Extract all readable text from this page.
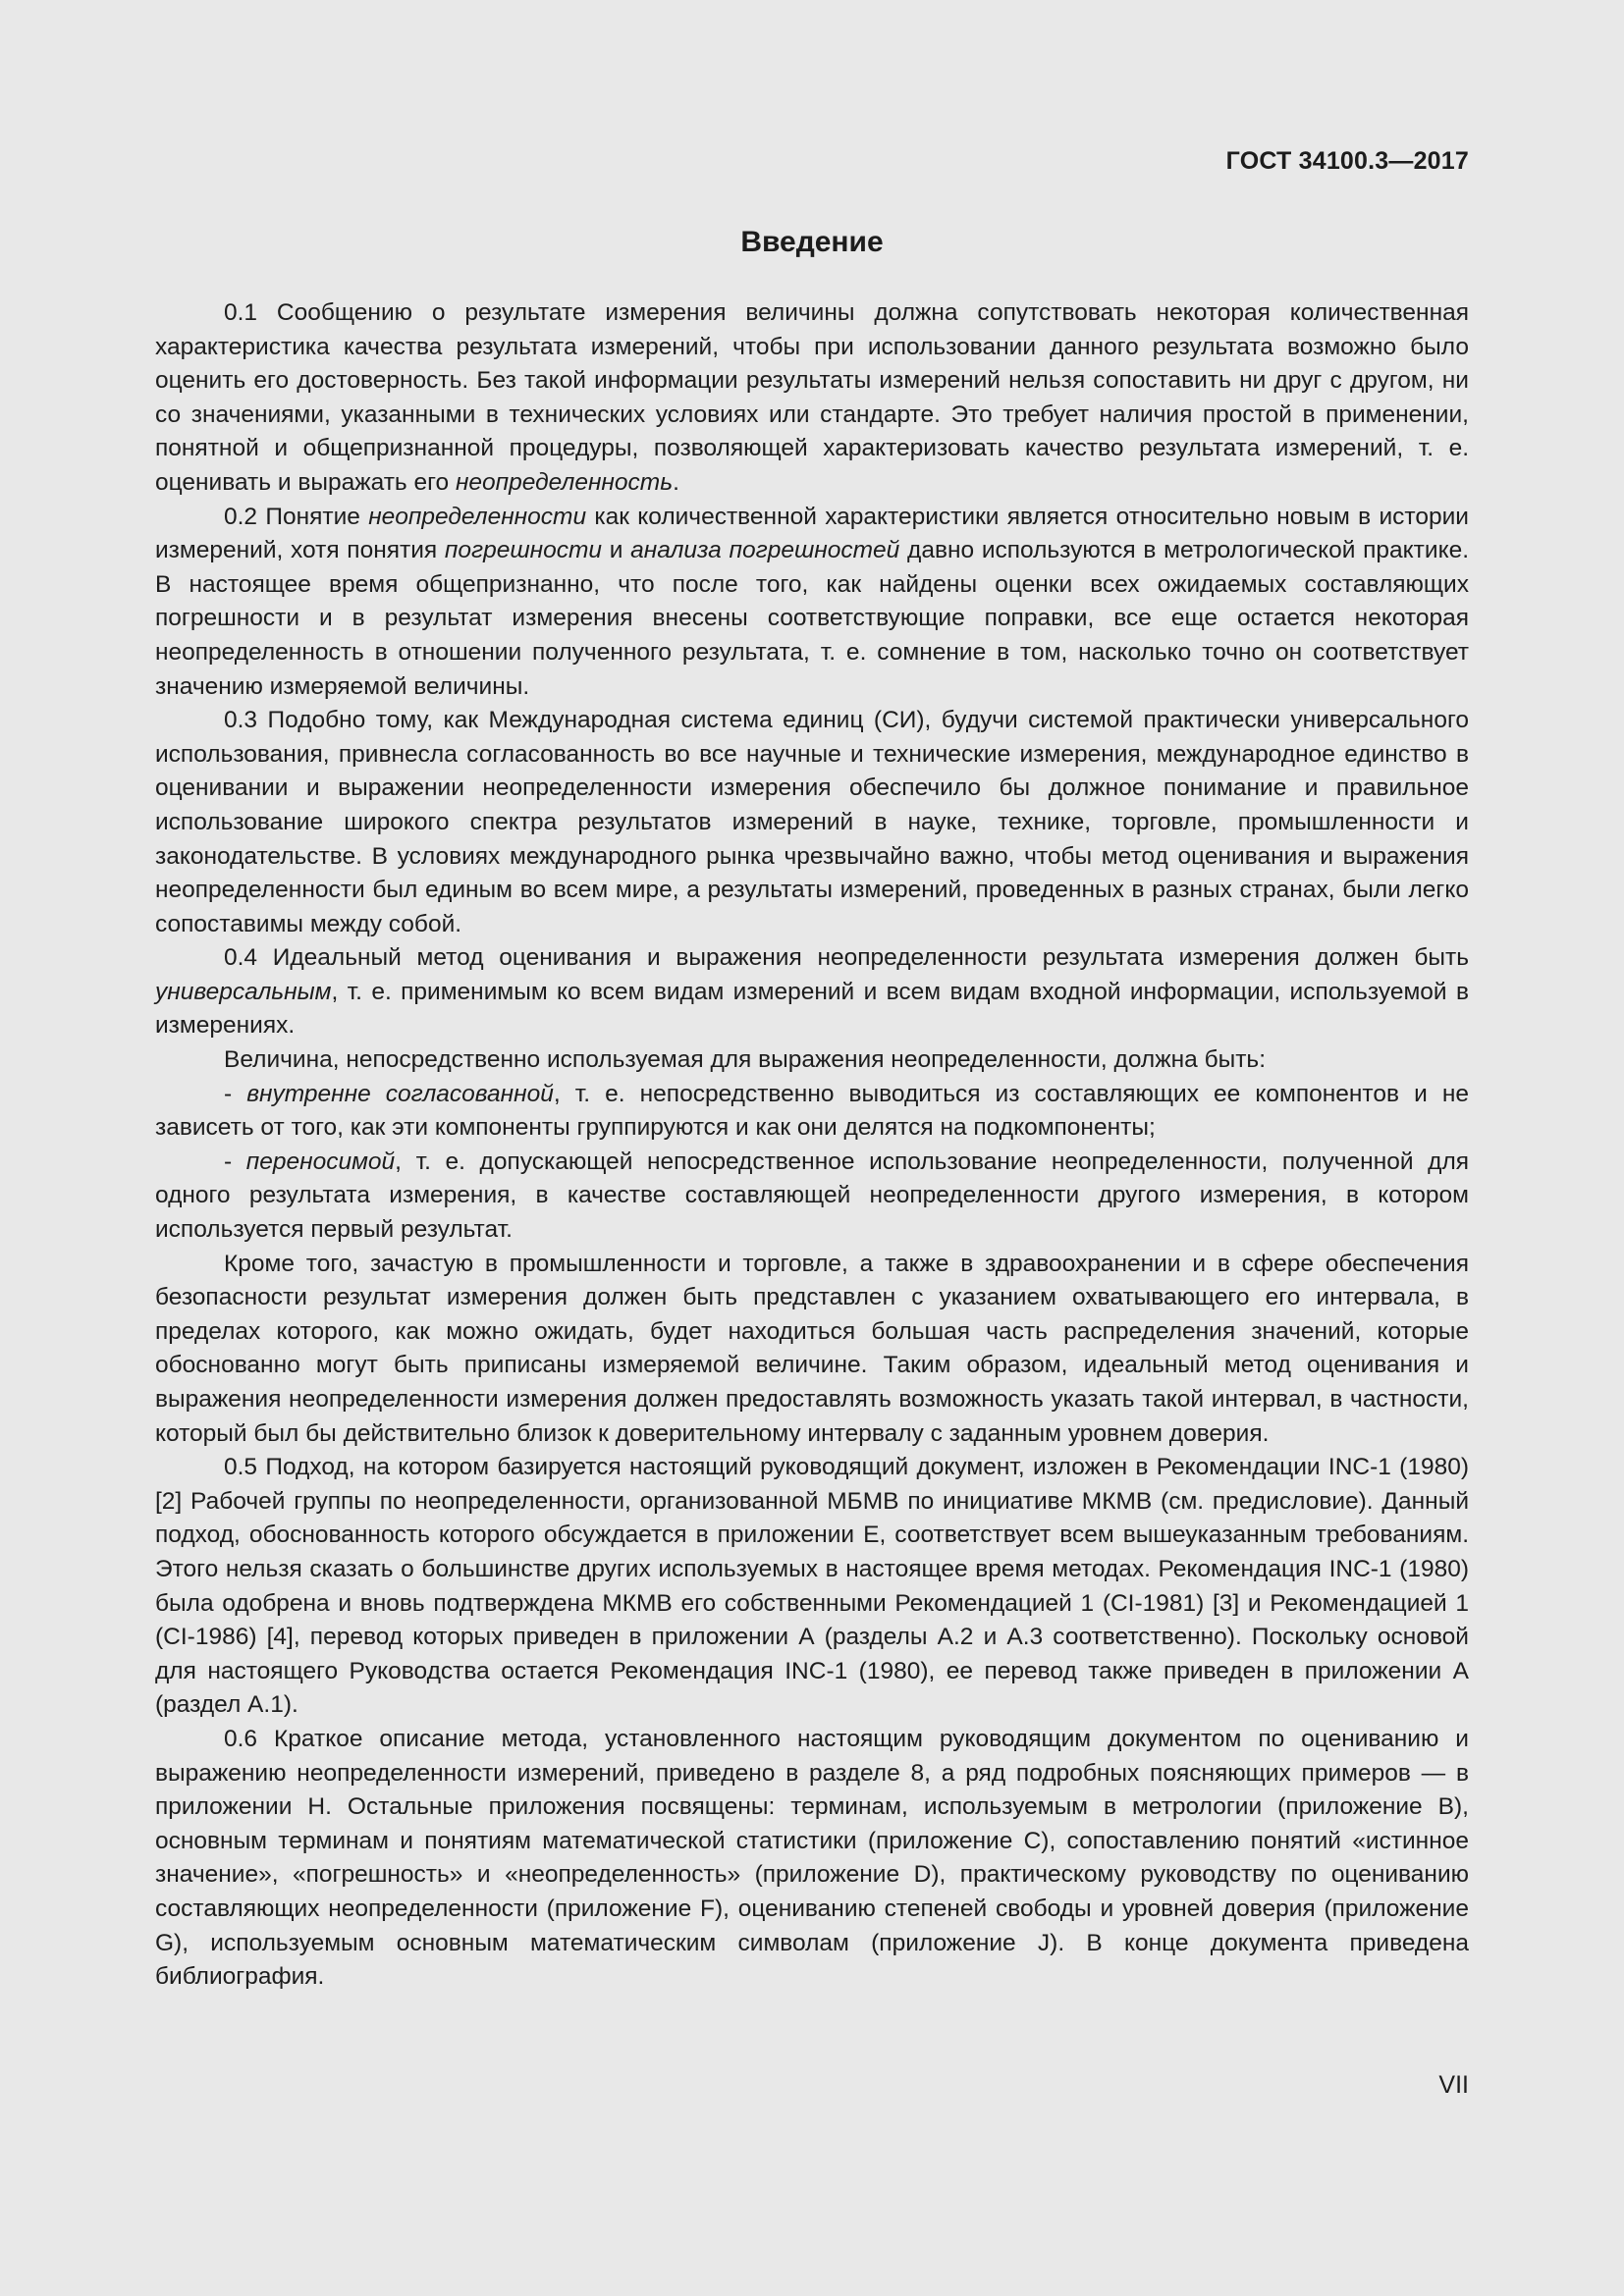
ГОСТ 34100.3—2017
Введение

0.1 Сообщению о результате измерения величины должна сопутствовать некоторая количественная характеристика качества результата измерений, чтобы при использовании данного результата возможно было оценить его достоверность. Без такой информации результаты измерений нельзя сопоставить ни друг с другом, ни со значениями, указанными в технических условиях или стандарте. Это требует наличия простой в применении, понятной и общепризнанной процедуры, позволяющей характеризовать качество результата измерений, т. е. оценивать и выражать его неопределенность.

0.2 Понятие неопределенности как количественной характеристики является относительно новым в истории измерений, хотя понятия погрешности и анализа погрешностей давно используются в метрологической практике. В настоящее время общепризнанно, что после того, как найдены оценки всех ожидаемых составляющих погрешности и в результат измерения внесены соответствующие поправки, все еще остается некоторая неопределенность в отношении полученного результата, т. е. сомнение в том, насколько точно он соответствует значению измеряемой величины.

0.3 Подобно тому, как Международная система единиц (СИ), будучи системой практически универсального использования, привнесла согласованность во все научные и технические измерения, международное единство в оценивании и выражении неопределенности измерения обеспечило бы должное понимание и правильное использование широкого спектра результатов измерений в науке, технике, торговле, промышленности и законодательстве. В условиях международного рынка чрезвычайно важно, чтобы метод оценивания и выражения неопределенности был единым во всем мире, а результаты измерений, проведенных в разных странах, были легко сопоставимы между собой.

0.4 Идеальный метод оценивания и выражения неопределенности результата измерения должен быть универсальным, т. е. применимым ко всем видам измерений и всем видам входной информации, используемой в измерениях.

Величина, непосредственно используемая для выражения неопределенности, должна быть:

- внутренне согласованной, т. е. непосредственно выводиться из составляющих ее компонентов и не зависеть от того, как эти компоненты группируются и как они делятся на подкомпоненты;

- переносимой, т. е. допускающей непосредственное использование неопределенности, полученной для одного результата измерения, в качестве составляющей неопределенности другого измерения, в котором используется первый результат.

Кроме того, зачастую в промышленности и торговле, а также в здравоохранении и в сфере обеспечения безопасности результат измерения должен быть представлен с указанием охватывающего его интервала, в пределах которого, как можно ожидать, будет находиться большая часть распределения значений, которые обоснованно могут быть приписаны измеряемой величине. Таким образом, идеальный метод оценивания и выражения неопределенности измерения должен предоставлять возможность указать такой интервал, в частности, который был бы действительно близок к доверительному интервалу с заданным уровнем доверия.

0.5 Подход, на котором базируется настоящий руководящий документ, изложен в Рекомендации INC-1 (1980) [2] Рабочей группы по неопределенности, организованной МБМВ по инициативе МКМВ (см. предисловие). Данный подход, обоснованность которого обсуждается в приложении Е, соответствует всем вышеуказанным требованиям. Этого нельзя сказать о большинстве других используемых в настоящее время методах. Рекомендация INC-1 (1980) была одобрена и вновь подтверждена МКМВ его собственными Рекомендацией 1 (CI-1981) [3] и Рекомендацией 1 (CI-1986) [4], перевод которых приведен в приложении А (разделы А.2 и А.3 соответственно). Поскольку основой для настоящего Руководства остается Рекомендация INC-1 (1980), ее перевод также приведен в приложении А (раздел А.1).

0.6 Краткое описание метода, установленного настоящим руководящим документом по оцениванию и выражению неопределенности измерений, приведено в разделе 8, а ряд подробных поясняющих примеров — в приложении Н. Остальные приложения посвящены: терминам, используемым в метрологии (приложение В), основным терминам и понятиям математической статистики (приложение С), сопоставлению понятий «истинное значение», «погрешность» и «неопределенность» (приложение D), практическому руководству по оцениванию составляющих неопределенности (приложение F), оцениванию степеней свободы и уровней доверия (приложение G), используемым основным математическим символам (приложение J). В конце документа приведена библиография.

VII
